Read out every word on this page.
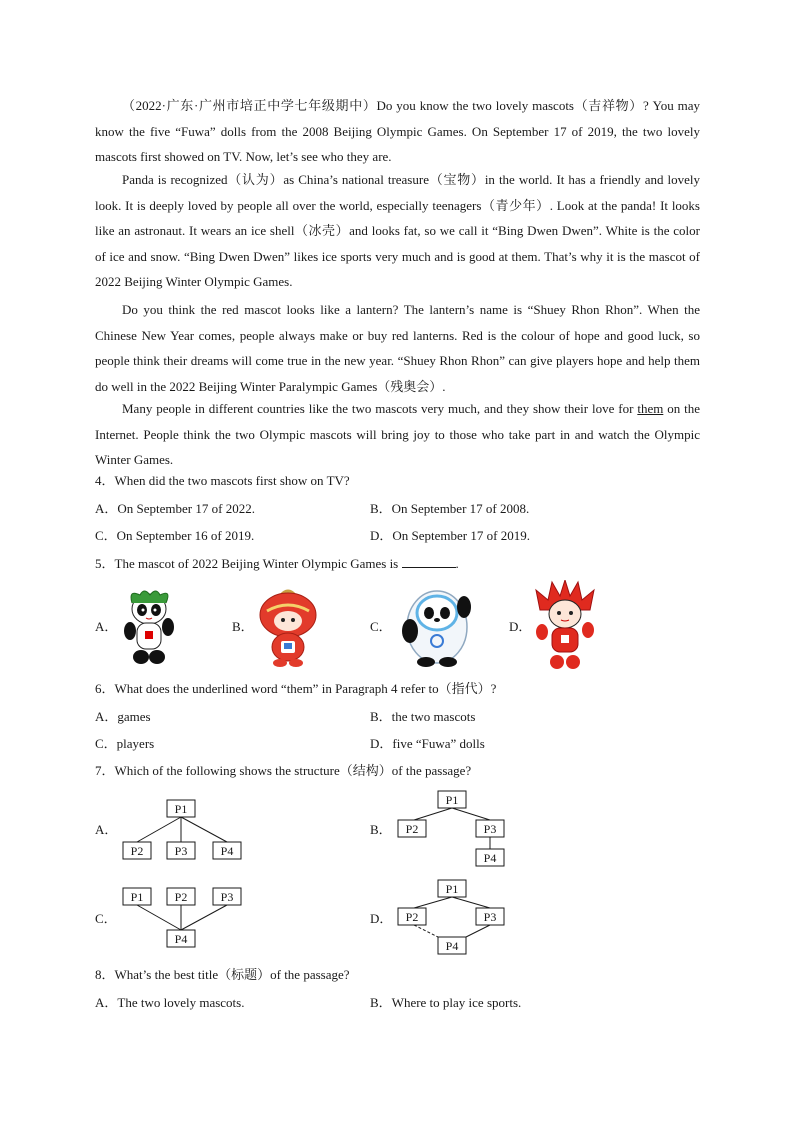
（2022·广东·广州市培正中学七年级期中）Do you know the two lovely mascots（吉祥物）? You may know the five “Fuwa” dolls from the 2008 Beijing Olympic Games. On September 17 of 2019, the two lovely mascots first showed on TV. Now, let’s see who they are.

Panda is recognized（认为）as China’s national treasure（宝物）in the world. It has a friendly and lovely look. It is deeply loved by people all over the world, especially teenagers（青少年）. Look at the panda! It looks like an astronaut. It wears an ice shell（冰壳）and looks fat, so we call it “Bing Dwen Dwen”. White is the color of ice and snow. “Bing Dwen Dwen” likes ice sports very much and is good at them. That’s why it is the mascot of 2022 Beijing Winter Olympic Games.

Do you think the red mascot looks like a lantern? The lantern’s name is “Shuey Rhon Rhon”. When the Chinese New Year comes, people always make or buy red lanterns. Red is the colour of hope and good luck, so people think their dreams will come true in the new year. “Shuey Rhon Rhon” can give players hope and help them do well in the 2022 Beijing Winter Paralympic Games（残奥会）.

Many people in different countries like the two mascots very much, and they show their love for them on the Internet. People think the two Olympic mascots will bring joy to those who take part in and watch the Olympic Winter Games.

4．When did the two mascots first show on TV?

A．On September 17 of 2022.	B．On September 17 of 2008.

C．On September 16 of 2019.	D．On September 17 of 2019.

5．The mascot of 2022 Beijing Winter Olympic Games is	.

A．	B．	C．	D．

6．What does the underlined word “them” in Paragraph 4 refer to（指代）?

A．games	B．the two mascots

C．players	D．five “Fuwa” dolls

7．Which of the following shows the structure（结构）of the passage?

A．

P1
P2	P3	P4

B．

P1
P2	P3
P4

C．

P1	P2	P3
P4

D．

P1
P2	P3
P4

8．What’s the best title（标题）of the passage?

A．The two lovely mascots.	B．Where to play ice sports.
